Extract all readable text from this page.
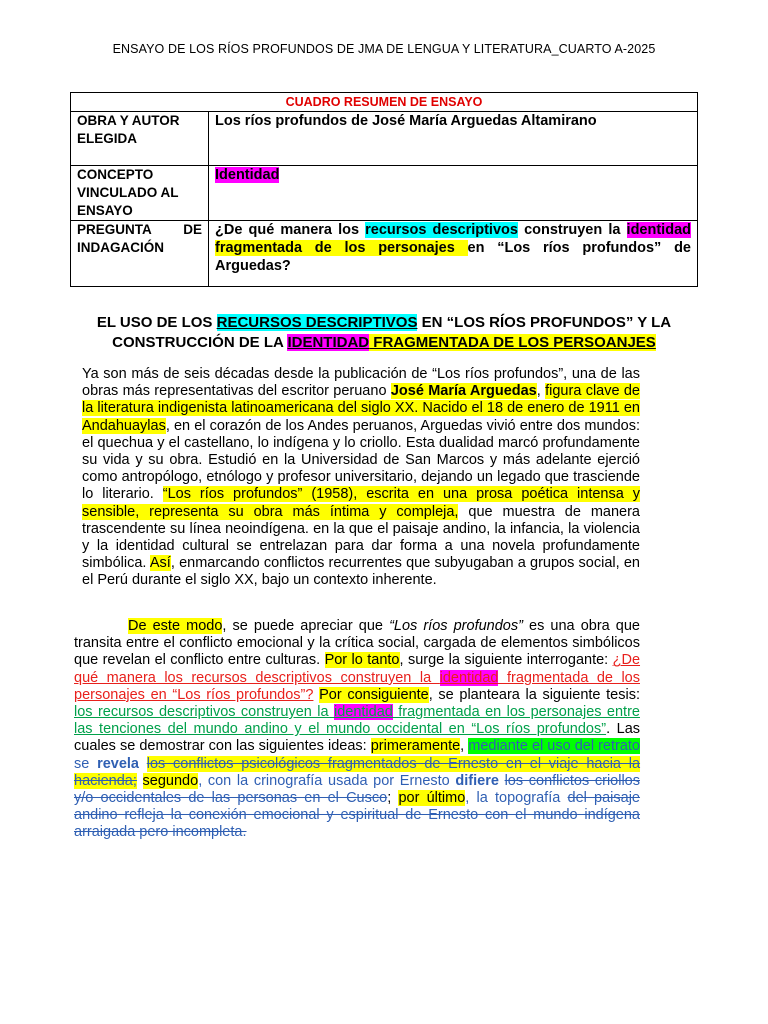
ENSAYO DE LOS RÍOS PROFUNDOS DE JMA DE LENGUA Y LITERATURA_CUARTO A-2025
CUADRO RESUMEN DE ENSAYO	
OBRA Y AUTOR
ELEGIDA	Los ríos profundos de José María Arguedas Altamirano
CONCEPTO
VINCULADO AL
ENSAYO	Identidad

PREGUNTA DE
INDAGACIÓN	¿De qué manera los recursos descriptivos construyen la identidad fragmentada de los personajes en “Los ríos profundos” de Arguedas?
EL USO DE LOS RECURSOS DESCRIPTIVOS EN “LOS RÍOS PROFUNDOS” Y LA CONSTRUCCIÓN DE LA IDENTIDAD FRAGMENTADA DE LOS PERSOANJES
Ya son más de seis décadas desde la publicación de “Los ríos profundos”, una de las obras más representativas del escritor peruano José María Arguedas, figura clave de la literatura indigenista latinoamericana del siglo XX. Nacido el 18 de enero de 1911 en Andahuaylas, en el corazón de los Andes peruanos, Arguedas vivió entre dos mundos: el quechua y el castellano, lo indígena y lo criollo. Esta dualidad marcó profundamente su vida y su obra. Estudió en la Universidad de San Marcos y más adelante ejerció como antropólogo, etnólogo y profesor universitario, dejando un legado que trasciende lo literario. “Los ríos profundos” (1958), escrita en una prosa poética intensa y sensible, representa su obra más íntima y compleja, que muestra de manera trascendente su línea neoindígena. en la que el paisaje andino, la infancia, la violencia y la identidad cultural se entrelazan para dar forma a una novela profundamente simbólica. Así, enmarcando conflictos recurrentes que subyugaban a grupos social, en el Perú durante el siglo XX, bajo un contexto inherente.
De este modo, se puede apreciar que “Los ríos profundos” es una obra que transita entre el conflicto emocional y la crítica social, cargada de elementos simbólicos que revelan el conflicto entre culturas. Por lo tanto, surge la siguiente interrogante: ¿De qué manera los recursos descriptivos construyen la identidad fragmentada de los personajes en “Los ríos profundos”? Por consiguiente, se planteara la siguiente tesis: los recursos descriptivos construyen la identidad fragmentada en los personajes entre las tenciones del mundo andino y el mundo occidental en “Los ríos profundos”. Las cuales se demostrar con las siguientes ideas: primeramente, mediante el uso del retrato se revela los conflictos psicológicos fragmentados de Ernesto en el viaje hacia la hacienda; segundo, con la crinografía usada por Ernesto difiere los conflictos criollos y/o occidentales de las personas en el Cusco; por último, la topografía del paisaje andino refleja la conexión emocional y espiritual de Ernesto con el mundo indígena arraigada pero incompleta.
